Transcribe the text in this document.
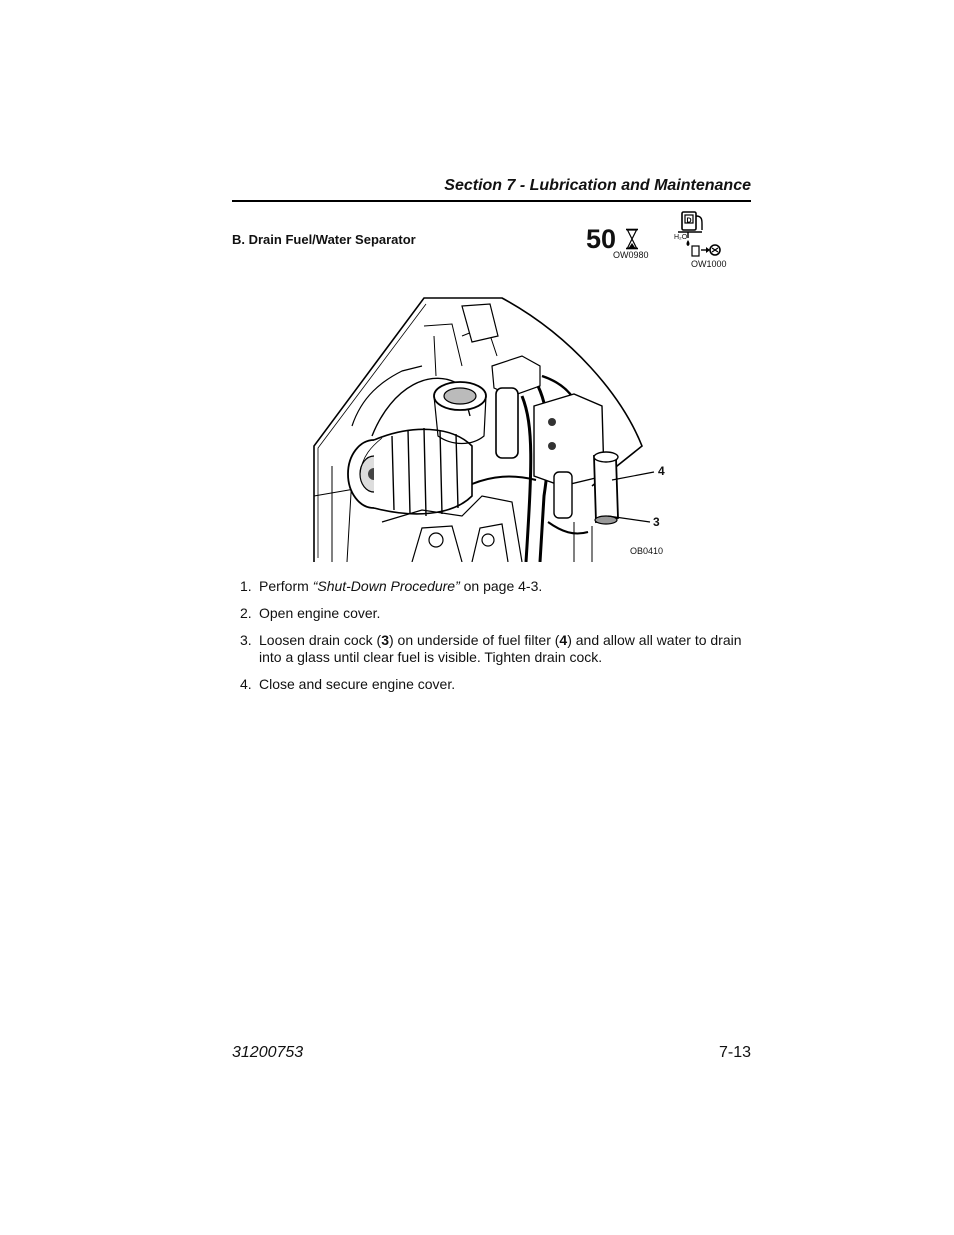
Section 7 - Lubrication and Maintenance
B. Drain Fuel/Water Separator	50
OW0980
D
H₂O
OW1000
4
3
OB0410
1. Perform “Shut-Down Procedure” on page 4-3.
2. Open engine cover.
3. Loosen drain cock (3) on underside of fuel filter (4) and allow all water to drain into a glass until clear fuel is visible. Tighten drain cock.
4. Close and secure engine cover.
31200753	7-13
